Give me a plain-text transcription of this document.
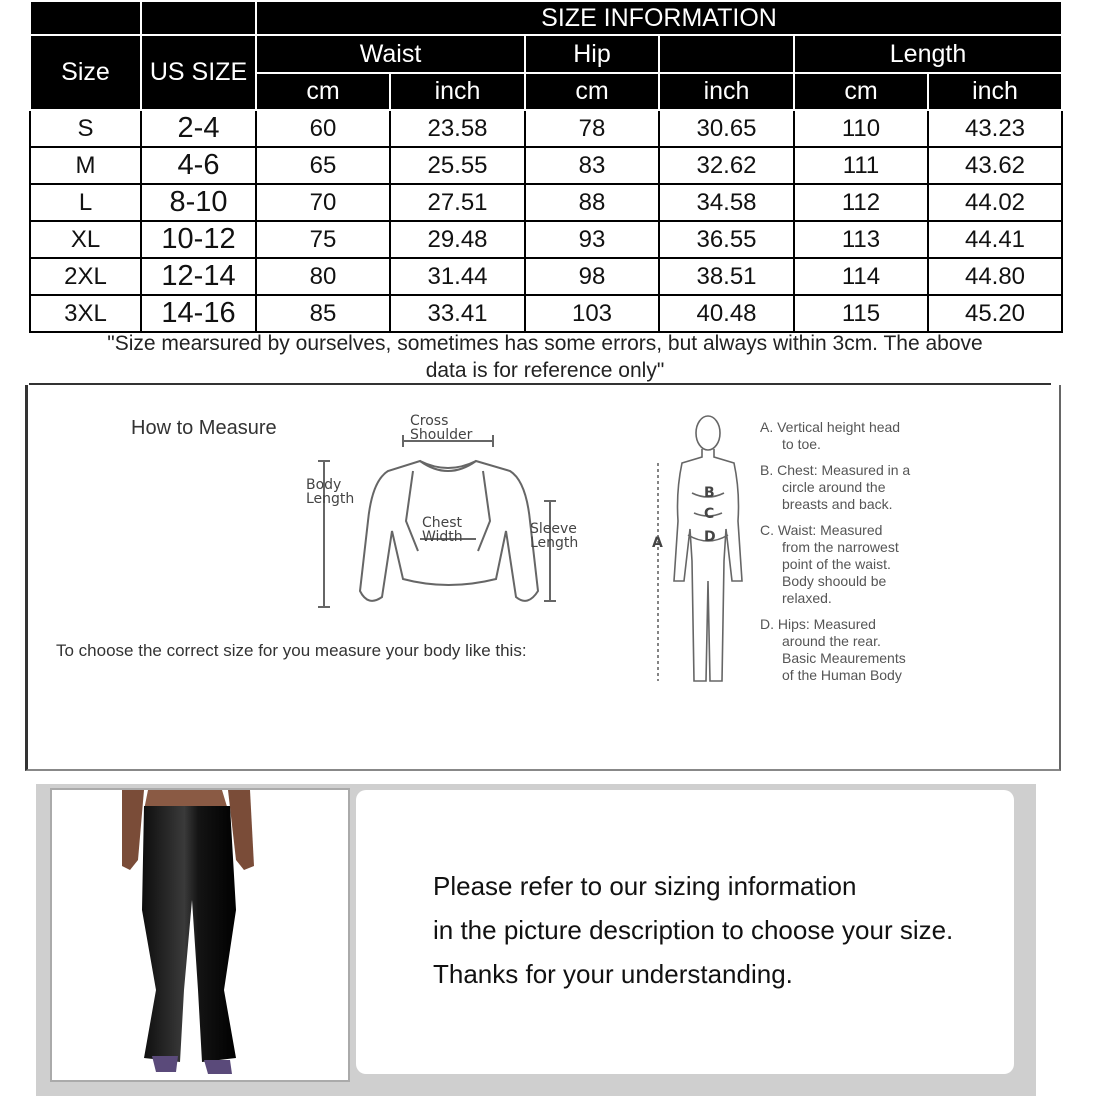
		SIZE INFORMATION					
Size	US SIZE	Waist		Hip		Length	
		cm	inch	cm	inch	cm	inch
S	2-4	60	23.58	78	30.65	110	43.23
M	4-6	65	25.55	83	32.62	111	43.62
L	8-10	70	27.51	88	34.58	112	44.02
XL	10-12	75	29.48	93	36.55	113	44.41
2XL	12-14	80	31.44	98	38.51	114	44.80
3XL	14-16	85	33.41	103	40.48	115	45.20
"Size mearsured by ourselves, sometimes has some errors, but always within 3cm. The above
data is for reference only"
How to Measure	Cross
Shoulder
Body
Length
Chest
Width	Sleeve
Length
To choose the correct size for you measure your body like this:
B
C
D
A

A. Vertical height head
to toe.

B. Chest: Measured in a
circle around the
breasts and back.

C. Waist: Measured
from the narrowest
point of the waist.
Body shoould be
relaxed.

D. Hips: Measured
around the rear.
Basic Meaurements
of the Human Body

Please refer to our sizing information
in the picture description to choose your size.
Thanks for your understanding.
